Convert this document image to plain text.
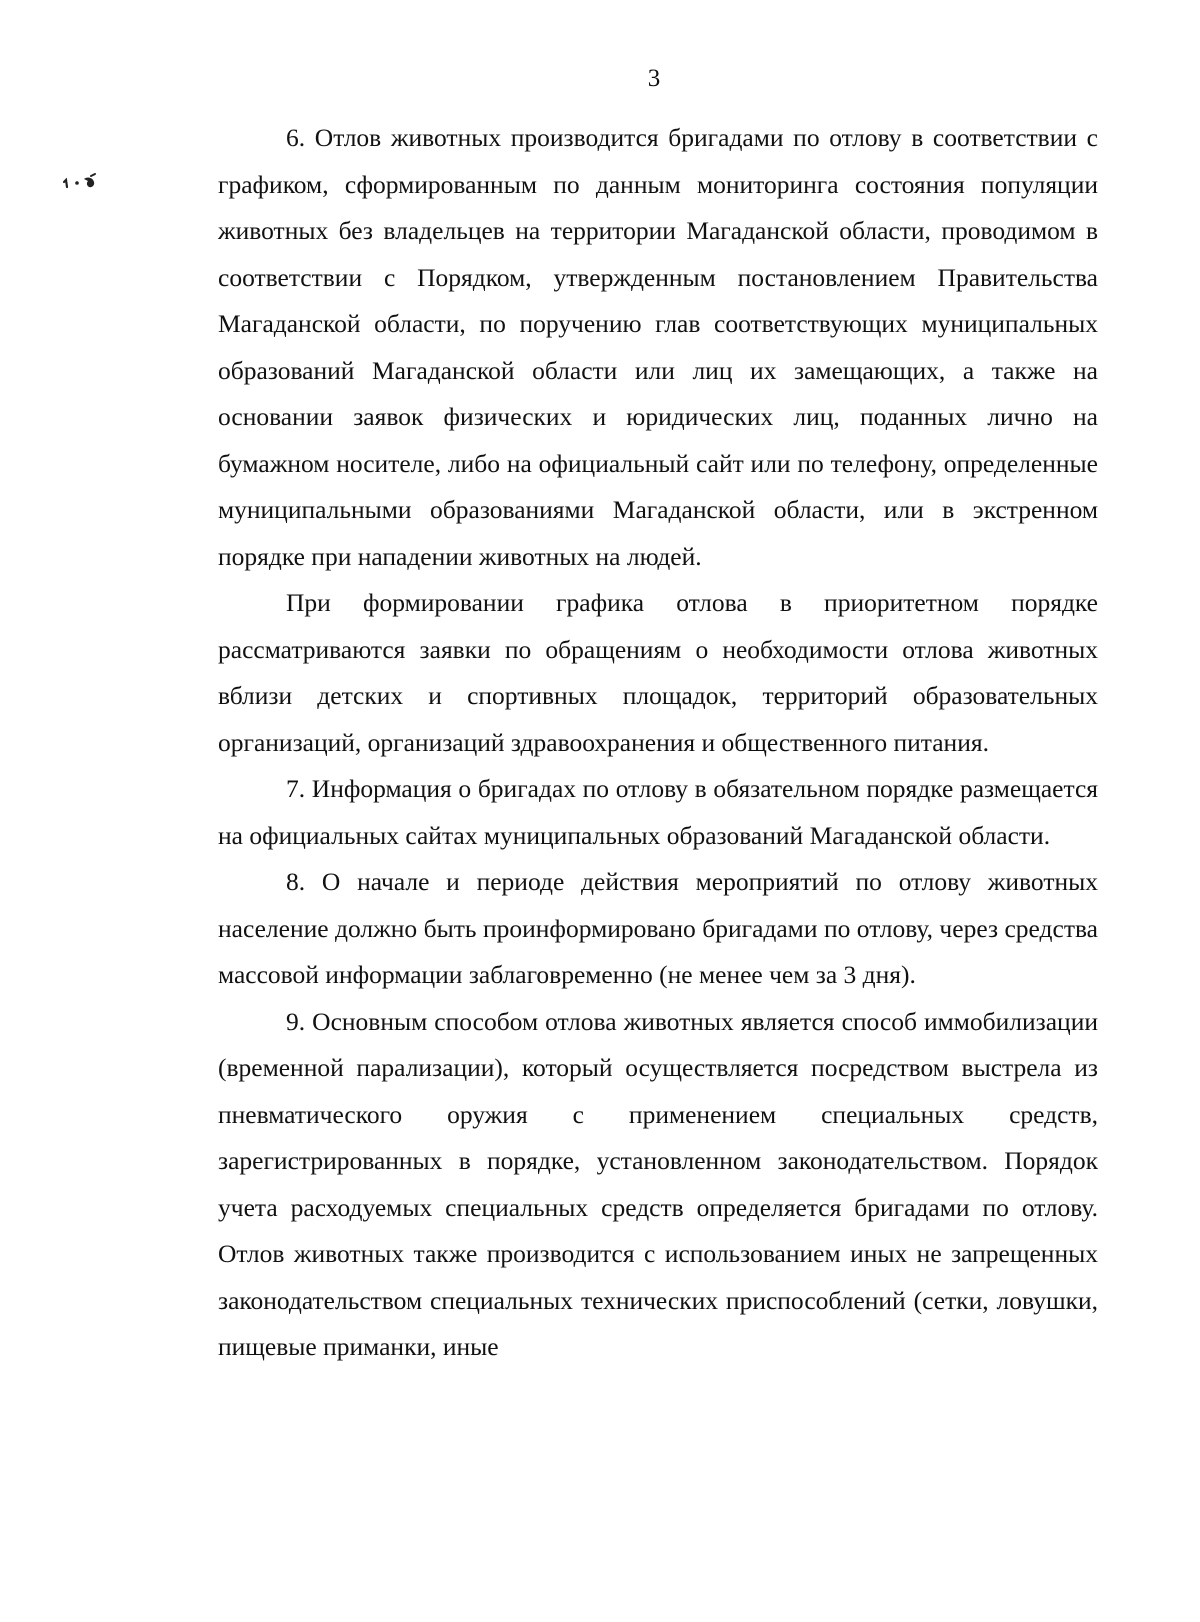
3

6. Отлов животных производится бригадами по отлову в соответствии с графиком, сформированным по данным мониторинга состояния популяции животных без владельцев на территории Магаданской области, проводимом в соответствии с Порядком, утвержденным постановлением Правительства Магаданской области, по поручению глав соответствующих муниципальных образований Магаданской области или лиц их замещающих, а также на основании заявок физических и юридических лиц, поданных лично на бумажном носителе, либо на официальный сайт или по телефону, определенные муниципальными образованиями Магаданской области, или в экстренном порядке при нападении животных на людей.

При формировании графика отлова в приоритетном порядке рассматриваются заявки по обращениям о необходимости отлова животных вблизи детских и спортивных площадок, территорий образовательных организаций, организаций здравоохранения и общественного питания.

7. Информация о бригадах по отлову в обязательном порядке размещается на официальных сайтах муниципальных образований Магаданской области.

8. О начале и периоде действия мероприятий по отлову животных население должно быть проинформировано бригадами по отлову, через средства массовой информации заблаговременно (не менее чем за 3 дня).

9. Основным способом отлова животных является способ иммобилизации (временной парализации), который осуществляется посредством выстрела из пневматического оружия с применением специальных средств, зарегистрированных в порядке, установленном законодательством. Порядок учета расходуемых специальных средств определяется бригадами по отлову. Отлов животных также производится с использованием иных не запрещенных законодательством специальных технических приспособлений (сетки, ловушки, пищевые приманки, иные
